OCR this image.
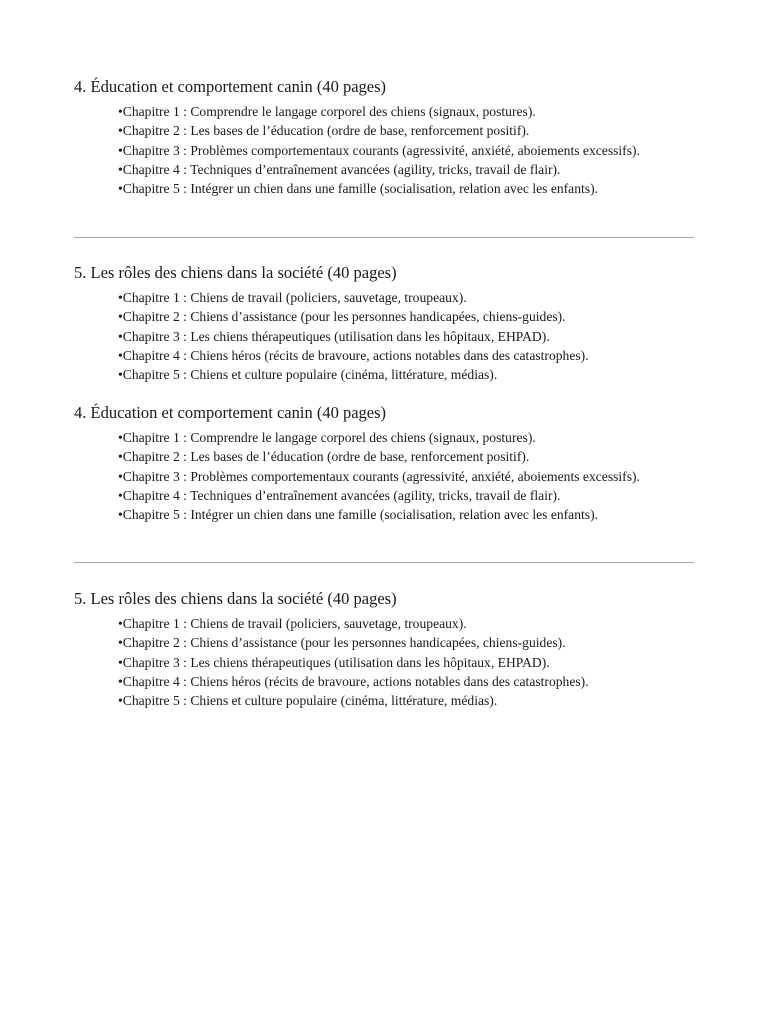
4. Éducation et comportement canin (40 pages)
•Chapitre 1 : Comprendre le langage corporel des chiens (signaux, postures).
•Chapitre 2 : Les bases de l’éducation (ordre de base, renforcement positif).
•Chapitre 3 : Problèmes comportementaux courants (agressivité, anxiété, aboiements excessifs).
•Chapitre 4 : Techniques d’entraînement avancées (agility, tricks, travail de flair).
•Chapitre 5 : Intégrer un chien dans une famille (socialisation, relation avec les enfants).
5. Les rôles des chiens dans la société (40 pages)
•Chapitre 1 : Chiens de travail (policiers, sauvetage, troupeaux).
•Chapitre 2 : Chiens d’assistance (pour les personnes handicapées, chiens-guides).
•Chapitre 3 : Les chiens thérapeutiques (utilisation dans les hôpitaux, EHPAD).
•Chapitre 4 : Chiens héros (récits de bravoure, actions notables dans des catastrophes).
•Chapitre 5 : Chiens et culture populaire (cinéma, littérature, médias).
4. Éducation et comportement canin (40 pages)
•Chapitre 1 : Comprendre le langage corporel des chiens (signaux, postures).
•Chapitre 2 : Les bases de l’éducation (ordre de base, renforcement positif).
•Chapitre 3 : Problèmes comportementaux courants (agressivité, anxiété, aboiements excessifs).
•Chapitre 4 : Techniques d’entraînement avancées (agility, tricks, travail de flair).
•Chapitre 5 : Intégrer un chien dans une famille (socialisation, relation avec les enfants).
5. Les rôles des chiens dans la société (40 pages)
•Chapitre 1 : Chiens de travail (policiers, sauvetage, troupeaux).
•Chapitre 2 : Chiens d’assistance (pour les personnes handicapées, chiens-guides).
•Chapitre 3 : Les chiens thérapeutiques (utilisation dans les hôpitaux, EHPAD).
•Chapitre 4 : Chiens héros (récits de bravoure, actions notables dans des catastrophes).
•Chapitre 5 : Chiens et culture populaire (cinéma, littérature, médias).
